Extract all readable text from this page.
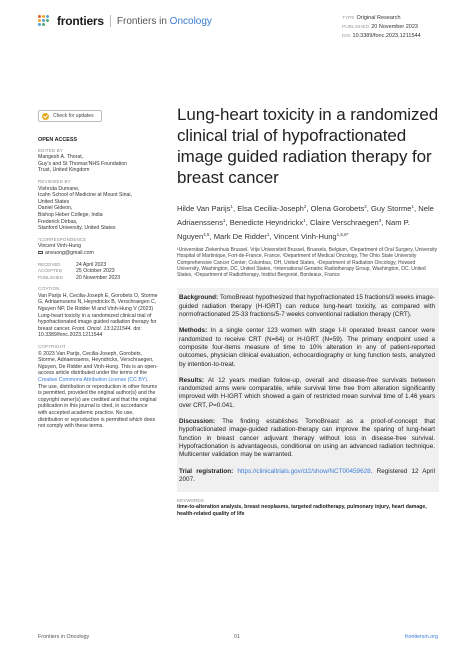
frontiers Frontiers in Oncology	TYPE Original Research
PUBLISHED 20 November 2023
DOI 10.3389/fonc.2023.1211544
Check for updates
OPEN ACCESS
EDITED BY
Mangesh A. Thorat,
Guy's and St Thomas'NHS Foundation
Trust, United Kingdom
REVIEWED BY
Vishruta Dumane,
Icahn School of Medicine at Mount Sinai,
United States
Daniel Gideon,
Bishop Heber College, India
Frederick Dirbas,
Stanford University, United States
*CORRESPONDENCE
Vincent Vinh-Hung
anvuong@gmail.com
RECEIVED	24 April 2023
ACCEPTED	25 October 2023
PUBLISHED	20 November 2023
CITATION
Van Parijs H, Cecilia-Joseph E, Gorobets O, Storme G, Adriaenssens N, Heyndrickx B, Verschraegen C, Nguyen NP, De Ridder M and Vinh-Hung V (2023) Lung-heart toxicity in a randomized clinical trial of hypofractionated image guided radiation therapy for breast cancer. Front. Oncol. 13:1211544. doi: 10.3389/fonc.2023.1211544
COPYRIGHT
© 2023 Van Parijs, Cecilia-Joseph, Gorobets, Storme, Adriaenssens, Heyndrickx, Verschraegen, Nguyen, De Ridder and Vinh-Hung. This is an open-access article distributed under the terms of the Creative Commons Attribution License (CC BY). The use, distribution or reproduction in other forums is permitted, provided the original author(s) and the copyright owner(s) are credited and that the original publication in this journal is cited, in accordance with accepted academic practice. No use, distribution or reproduction is permitted which does not comply with these terms.
Lung-heart toxicity in a randomized clinical trial of hypofractionated image guided radiation therapy for breast cancer
Hilde Van Parijs$^1$, Elsa Cecilia-Joseph$^2$, Olena Gorobets$^2$, Guy Storme$^1$, Nele Adriaenssens$^1$, Benedicte Heyndrickx$^1$, Claire Verschraegen$^3$, Nam P. Nguyen$^{4,5}$, Mark De Ridder$^1$, Vincent Vinh-Hung$^{1,5,6*}$
¹Universitair Ziekenhuis Brussel, Vrije Universiteit Brussel, Brussels, Belgium, ²Department of Oral Surgery, University Hospital of Martinique, Fort-de-France, France, ³Department of Medical Oncology, The Ohio State University Comprehensive Cancer Center, Columbus, OH, United States, ⁴Department of Radiation Oncology, Howard University, Washington, DC, United States, ⁵International Geriatric Radiotherapy Group, Washington, DC, United States, ⁶Department of Radiotherapy, Institut Bergonié, Bordeaux, France

Background: TomoBreast hypothesized that hypofractionated 15 fractions/3 weeks image-guided radiation therapy (H-IGRT) can reduce lung-heart toxicity, as compared with normofractionated 25-33 fractions/5-7 weeks conventional radiation therapy (CRT).

Methods: In a single center 123 women with stage I-II operated breast cancer were randomized to receive CRT (N=64) or H-IGRT (N=59). The primary endpoint used a composite four-items measure of time to 10% alteration in any of patient-reported outcomes, physician clinical evaluation, echocardiography or lung function tests, analyzed by intention-to-treat.

Results: At 12 years median follow-up, overall and disease-free survivals between randomized arms were comparable, while survival time free from alteration significantly improved with H-IGRT which showed a gain of restricted mean survival time of 1.46 years over CRT, P=0.041.

Discussion: The finding establishes TomoBreast as a proof-of-concept that hypofractionated image-guided radiation-therapy can improve the sparing of lung-heart function in breast cancer adjuvant therapy without loss in disease-free survival. Hypofractionation is advantageous, conditional on using an advanced radiation technique. Multicenter validation may be warranted.

Trial registration: https://clinicaltrials.gov/ct2/show/NCT00459628. Registered 12 April 2007.

KEYWORDS
time-to-alteration analysis, breast neoplasms, targeted radiotherapy, pulmonary injury, heart damage, health-related quality of life
Frontiers in Oncology	01	frontiersin.org
